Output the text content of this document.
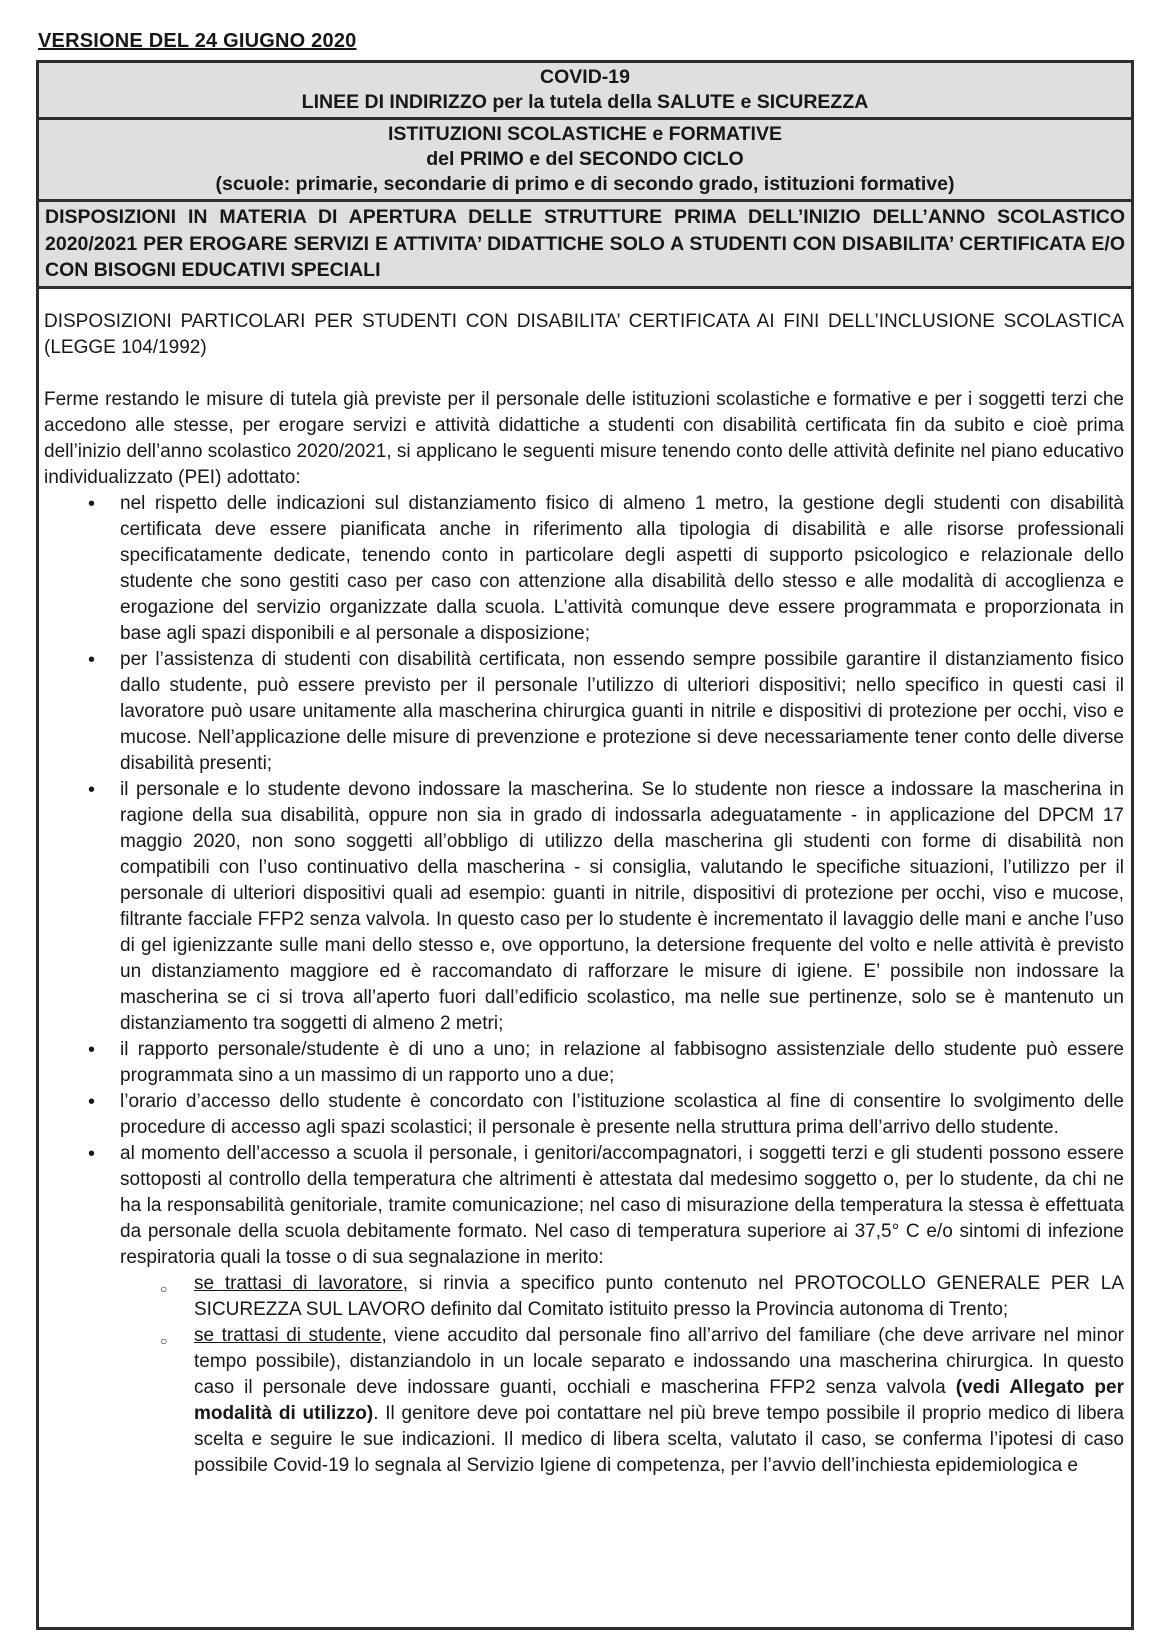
VERSIONE DEL 24 GIUGNO 2020
COVID-19
LINEE DI INDIRIZZO per la tutela della SALUTE e SICUREZZA
ISTITUZIONI SCOLASTICHE e FORMATIVE
del PRIMO e del SECONDO CICLO
(scuole: primarie, secondarie di primo e di secondo grado, istituzioni formative)
DISPOSIZIONI IN MATERIA DI APERTURA DELLE STRUTTURE PRIMA DELL’INIZIO DELL’ANNO SCOLASTICO 2020/2021 PER EROGARE SERVIZI E ATTIVITA’ DIDATTICHE SOLO A STUDENTI CON DISABILITA’ CERTIFICATA E/O CON BISOGNI EDUCATIVI SPECIALI

DISPOSIZIONI PARTICOLARI PER STUDENTI CON DISABILITA’ CERTIFICATA AI FINI DELL’INCLUSIONE SCOLASTICA (LEGGE 104/1992)

Ferme restando le misure di tutela già previste per il personale delle istituzioni scolastiche e formative e per i soggetti terzi che accedono alle stesse, per erogare servizi e attività didattiche a studenti con disabilità certificata fin da subito e cioè prima dell’inizio dell’anno scolastico 2020/2021, si applicano le seguenti misure tenendo conto delle attività definite nel piano educativo individualizzato (PEI) adottato:

• nel rispetto delle indicazioni sul distanziamento fisico di almeno 1 metro, la gestione degli studenti con disabilità certificata deve essere pianificata anche in riferimento alla tipologia di disabilità e alle risorse professionali specificatamente dedicate, tenendo conto in particolare degli aspetti di supporto psicologico e relazionale dello studente che sono gestiti caso per caso con attenzione alla disabilità dello stesso e alle modalità di accoglienza e erogazione del servizio organizzate dalla scuola. L’attività comunque deve essere programmata e proporzionata in base agli spazi disponibili e al personale a disposizione;
• per l’assistenza di studenti con disabilità certificata, non essendo sempre possibile garantire il distanziamento fisico dallo studente, può essere previsto per il personale l’utilizzo di ulteriori dispositivi; nello specifico in questi casi il lavoratore può usare unitamente alla mascherina chirurgica guanti in nitrile e dispositivi di protezione per occhi, viso e mucose. Nell’applicazione delle misure di prevenzione e protezione si deve necessariamente tener conto delle diverse disabilità presenti;
• il personale e lo studente devono indossare la mascherina. Se lo studente non riesce a indossare la mascherina in ragione della sua disabilità, oppure non sia in grado di indossarla adeguatamente - in applicazione del DPCM 17 maggio 2020, non sono soggetti all’obbligo di utilizzo della mascherina gli studenti con forme di disabilità non compatibili con l’uso continuativo della mascherina - si consiglia, valutando le specifiche situazioni, l’utilizzo per il personale di ulteriori dispositivi quali ad esempio: guanti in nitrile, dispositivi di protezione per occhi, viso e mucose, filtrante facciale FFP2 senza valvola. In questo caso per lo studente è incrementato il lavaggio delle mani e anche l’uso di gel igienizzante sulle mani dello stesso e, ove opportuno, la detersione frequente del volto e nelle attività è previsto un distanziamento maggiore ed è raccomandato di rafforzare le misure di igiene. E’ possibile non indossare la mascherina se ci si trova all’aperto fuori dall’edificio scolastico, ma nelle sue pertinenze, solo se è mantenuto un distanziamento tra soggetti di almeno 2 metri;
• il rapporto personale/studente è di uno a uno; in relazione al fabbisogno assistenziale dello studente può essere programmata sino a un massimo di un rapporto uno a due;
• l’orario d’accesso dello studente è concordato con l’istituzione scolastica al fine di consentire lo svolgimento delle procedure di accesso agli spazi scolastici; il personale è presente nella struttura prima dell’arrivo dello studente.
• al momento dell’accesso a scuola il personale, i genitori/accompagnatori, i soggetti terzi e gli studenti possono essere sottoposti al controllo della temperatura che altrimenti è attestata dal medesimo soggetto o, per lo studente, da chi ne ha la responsabilità genitoriale, tramite comunicazione; nel caso di misurazione della temperatura la stessa è effettuata da personale della scuola debitamente formato. Nel caso di temperatura superiore ai 37,5° C e/o sintomi di infezione respiratoria quali la tosse o di sua segnalazione in merito:
○ se trattasi di lavoratore, si rinvia a specifico punto contenuto nel PROTOCOLLO GENERALE PER LA SICUREZZA SUL LAVORO definito dal Comitato istituito presso la Provincia autonoma di Trento;
○ se trattasi di studente, viene accudito dal personale fino all’arrivo del familiare (che deve arrivare nel minor tempo possibile), distanziandolo in un locale separato e indossando una mascherina chirurgica. In questo caso il personale deve indossare guanti, occhiali e mascherina FFP2 senza valvola (vedi Allegato per modalità di utilizzo). Il genitore deve poi contattare nel più breve tempo possibile il proprio medico di libera scelta e seguire le sue indicazioni. Il medico di libera scelta, valutato il caso, se conferma l’ipotesi di caso possibile Covid-19 lo segnala al Servizio Igiene di competenza, per l’avvio dell’inchiesta epidemiologica e
